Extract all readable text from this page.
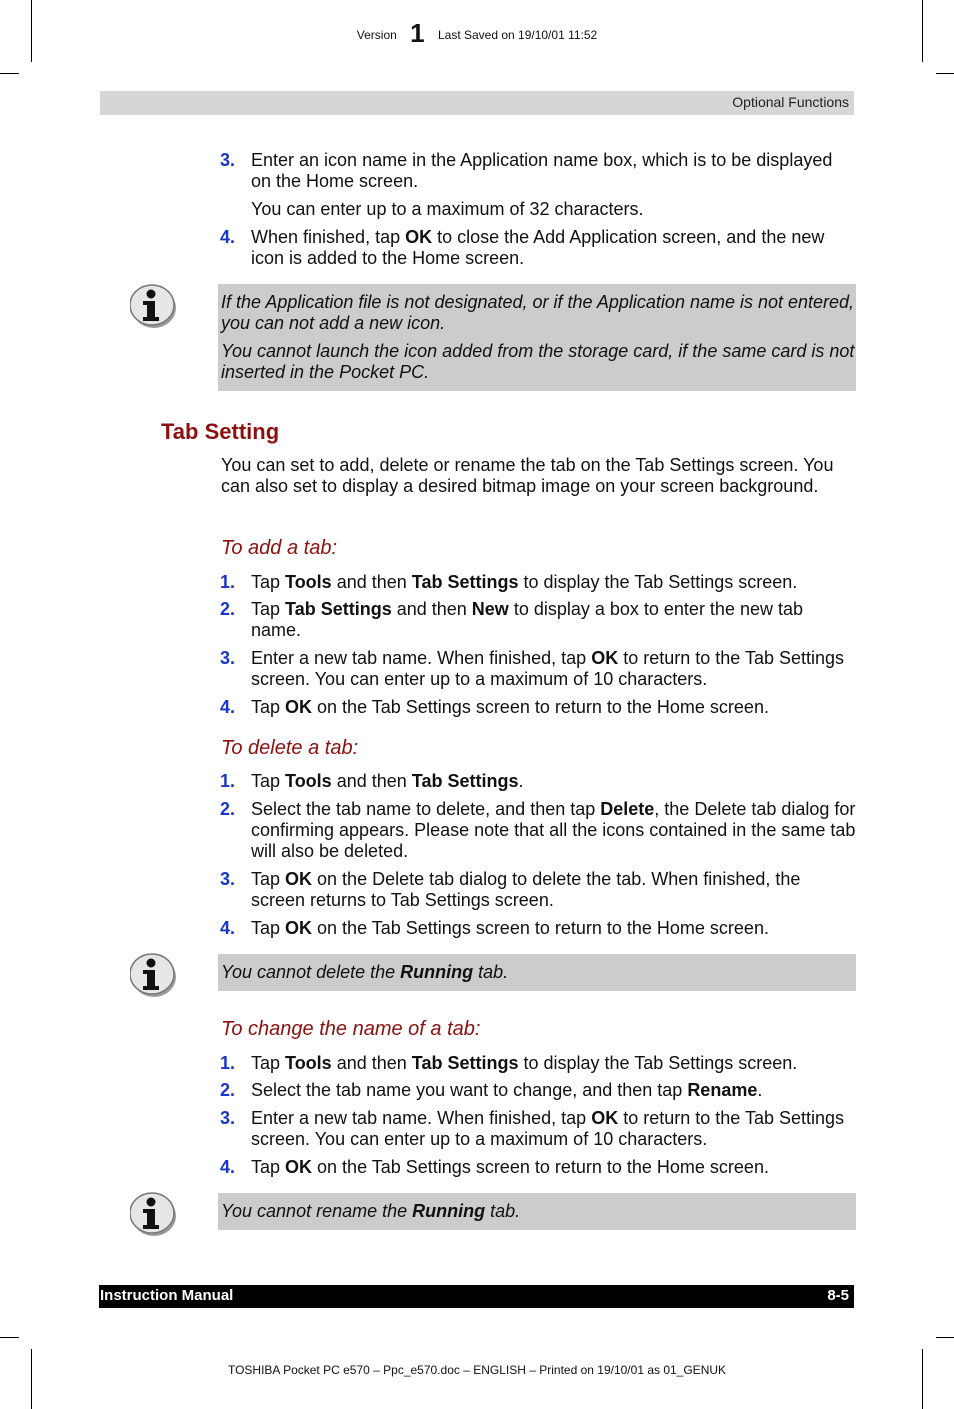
Version 1 Last Saved on 19/10/01 11:52
Optional Functions
3. Enter an icon name in the Application name box, which is to be displayed on the Home screen.
You can enter up to a maximum of 32 characters.
4. When finished, tap OK to close the Add Application screen, and the new icon is added to the Home screen.

If the Application file is not designated, or if the Application name is not entered, you can not add a new icon.

You cannot launch the icon added from the storage card, if the same card is not inserted in the Pocket PC.

Tab Setting
You can set to add, delete or rename the tab on the Tab Settings screen. You can also set to display a desired bitmap image on your screen background.
To add a tab:
1. Tap Tools and then Tab Settings to display the Tab Settings screen.
2. Tap Tab Settings and then New to display a box to enter the new tab name.
3. Enter a new tab name. When finished, tap OK to return to the Tab Settings screen. You can enter up to a maximum of 10 characters.
4. Tap OK on the Tab Settings screen to return to the Home screen.
To delete a tab:
1. Tap Tools and then Tab Settings.
2. Select the tab name to delete, and then tap Delete, the Delete tab dialog for confirming appears. Please note that all the icons contained in the same tab will also be deleted.
3. Tap OK on the Delete tab dialog to delete the tab. When finished, the screen returns to Tab Settings screen.
4. Tap OK on the Tab Settings screen to return to the Home screen.

You cannot delete the Running tab.

To change the name of a tab:
1. Tap Tools and then Tab Settings to display the Tab Settings screen.
2. Select the tab name you want to change, and then tap Rename.
3. Enter a new tab name. When finished, tap OK to return to the Tab Settings screen. You can enter up to a maximum of 10 characters.
4. Tap OK on the Tab Settings screen to return to the Home screen.

You cannot rename the Running tab.

Instruction Manual	8-5
TOSHIBA Pocket PC e570 – Ppc_e570.doc – ENGLISH – Printed on 19/10/01 as 01_GENUK
